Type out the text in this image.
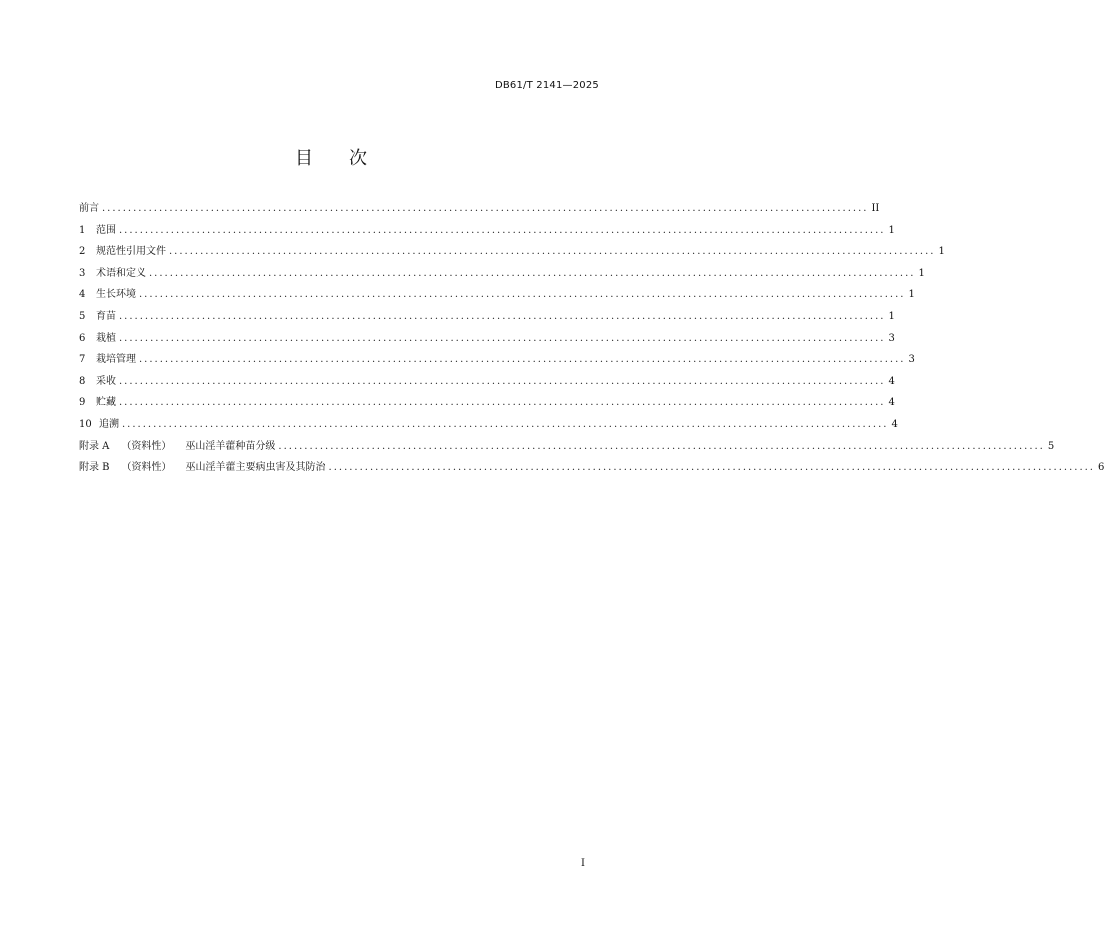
DB61/T 2141—2025
目 次
前言 .................................................................................................................................................... II
1	范围 .................................................................................................................................................... 1
2	规范性引用文件 .................................................................................................................................................... 1
3	术语和定义 .................................................................................................................................................... 1
4	生长环境 .................................................................................................................................................... 1
5	育苗 .................................................................................................................................................... 1
6	栽植 .................................................................................................................................................... 3
7	栽培管理 .................................................................................................................................................... 3
8	采收 .................................................................................................................................................... 4
9	贮藏 .................................................................................................................................................... 4
10 追溯 .................................................................................................................................................... 4
附录 A （资料性） 巫山淫羊藿种苗分级 .................................................................................................................................................... 5
附录 B （资料性） 巫山淫羊藿主要病虫害及其防治 .................................................................................................................................................... 6
I
